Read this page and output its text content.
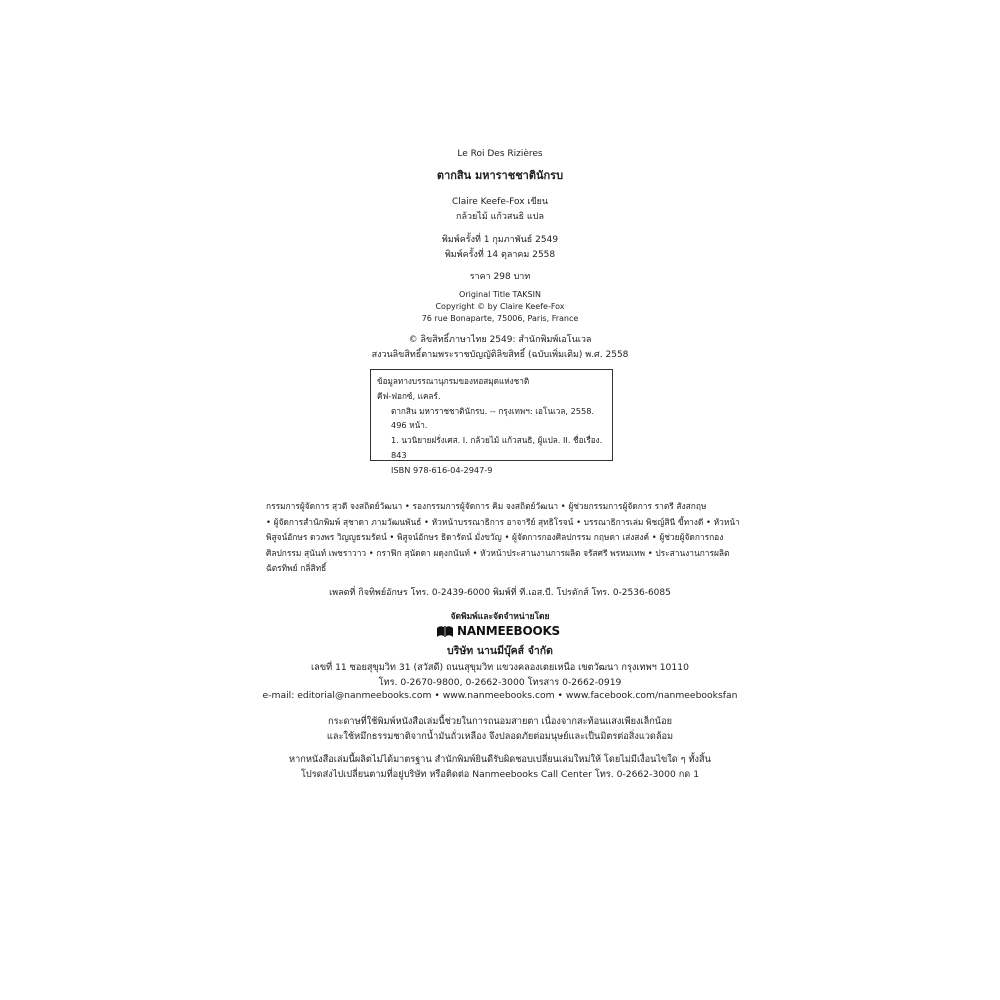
Le Roi Des Rizières
ตากสิน มหาราชชาตินักรบ
Claire Keefe-Fox เขียน
กล้วยไม้ แก้วสนธิ แปล
พิมพ์ครั้งที่ 1 กุมภาพันธ์ 2549
พิมพ์ครั้งที่ 14 ตุลาคม 2558
ราคา 298 บาท
Original Title TAKSIN
Copyright © by Claire Keefe-Fox
76 rue Bonaparte, 75006, Paris, France
© ลิขสิทธิ์ภาษาไทย 2549: สำนักพิมพ์เอโนเวล
สงวนลิขสิทธิ์ตามพระราชบัญญัติลิขสิทธิ์ (ฉบับเพิ่มเติม) พ.ศ. 2558
ข้อมูลทางบรรณานุกรมของหอสมุดแห่งชาติ
คีฟ-ฟอกซ์, แคลร์.
ตากสิน มหาราชชาตินักรบ. -- กรุงเทพฯ: เอโนเวล, 2558.
496 หน้า.
1. นวนิยายฝรั่งเศส. I. กล้วยไม้ แก้วสนธิ, ผู้แปล. II. ชื่อเรื่อง.
843
ISBN 978-616-04-2947-9
กรรมการผู้จัดการ สุวดี จงสถิตย์วัฒนา • รองกรรมการผู้จัดการ คิม จงสถิตย์วัฒนา • ผู้ช่วยกรรมการผู้จัดการ ราตรี สังสกฤษ
• ผู้จัดการสำนักพิมพ์ สุชาดา ภามวัฒนพันธ์ • หัวหน้าบรรณาธิการ อาจารีย์ สุทธิโรจน์ • บรรณาธิการเล่ม พิชญ์สินี ขี้ทางดี • หัวหน้า
พิสูจน์อักษร ดวงพร วิญญูธรมรัตน์ • พิสูจน์อักษร ธิดารัตน์ มั่งขวัญ • ผู้จัดการกองศิลปกรรม กฤษดา เส่งสงค์ • ผู้ช่วยผู้จัดการกอง
ศิลปกรรม สุนันท์ เพชราวาว • กราฟิก สุนัดดา ผดุงกนันท์ • หัวหน้าประสานงานการผลิต จรัสศรี พรหมเทพ • ประสานงานการผลิต
ฉัตรทิพย์ กลิ่สิทธิ์
เพลตที่ กิจทิพย์อักษร โทร. 0-2439-6000 พิมพ์ที่ ที.เอส.บี. โปรดักส์ โทร. 0-2536-6085
จัดพิมพ์และจัดจำหน่ายโดย
NANMEEBOOKS
บริษัท นานมีบุ๊คส์ จำกัด
เลขที่ 11 ซอยสุขุมวิท 31 (สวัสดี) ถนนสุขุมวิท แขวงคลองเตยเหนือ เขตวัฒนา กรุงเทพฯ 10110
โทร. 0-2670-9800, 0-2662-3000 โทรสาร 0-2662-0919
e-mail: editorial@nanmeebooks.com • www.nanmeebooks.com • www.facebook.com/nanmeebooksfan
กระดาษที่ใช้พิมพ์หนังสือเล่มนี้ช่วยในการถนอมสายตา เนื่องจากสะท้อนแสงเพียงเล็กน้อย
และใช้หมึกธรรมชาติจากน้ำมันถั่วเหลือง จึงปลอดภัยต่อมนุษย์และเป็นมิตรต่อสิ่งแวดล้อม
หากหนังสือเล่มนี้ผลิตไม่ได้มาตรฐาน สำนักพิมพ์ยินดีรับผิดชอบเปลี่ยนเล่มใหม่ให้ โดยไม่มีเงื่อนไขใด ๆ ทั้งสิ้น
โปรดส่งไปเปลี่ยนตามที่อยู่บริษัท หรือติดต่อ Nanmeebooks Call Center โทร. 0-2662-3000 กด 1
